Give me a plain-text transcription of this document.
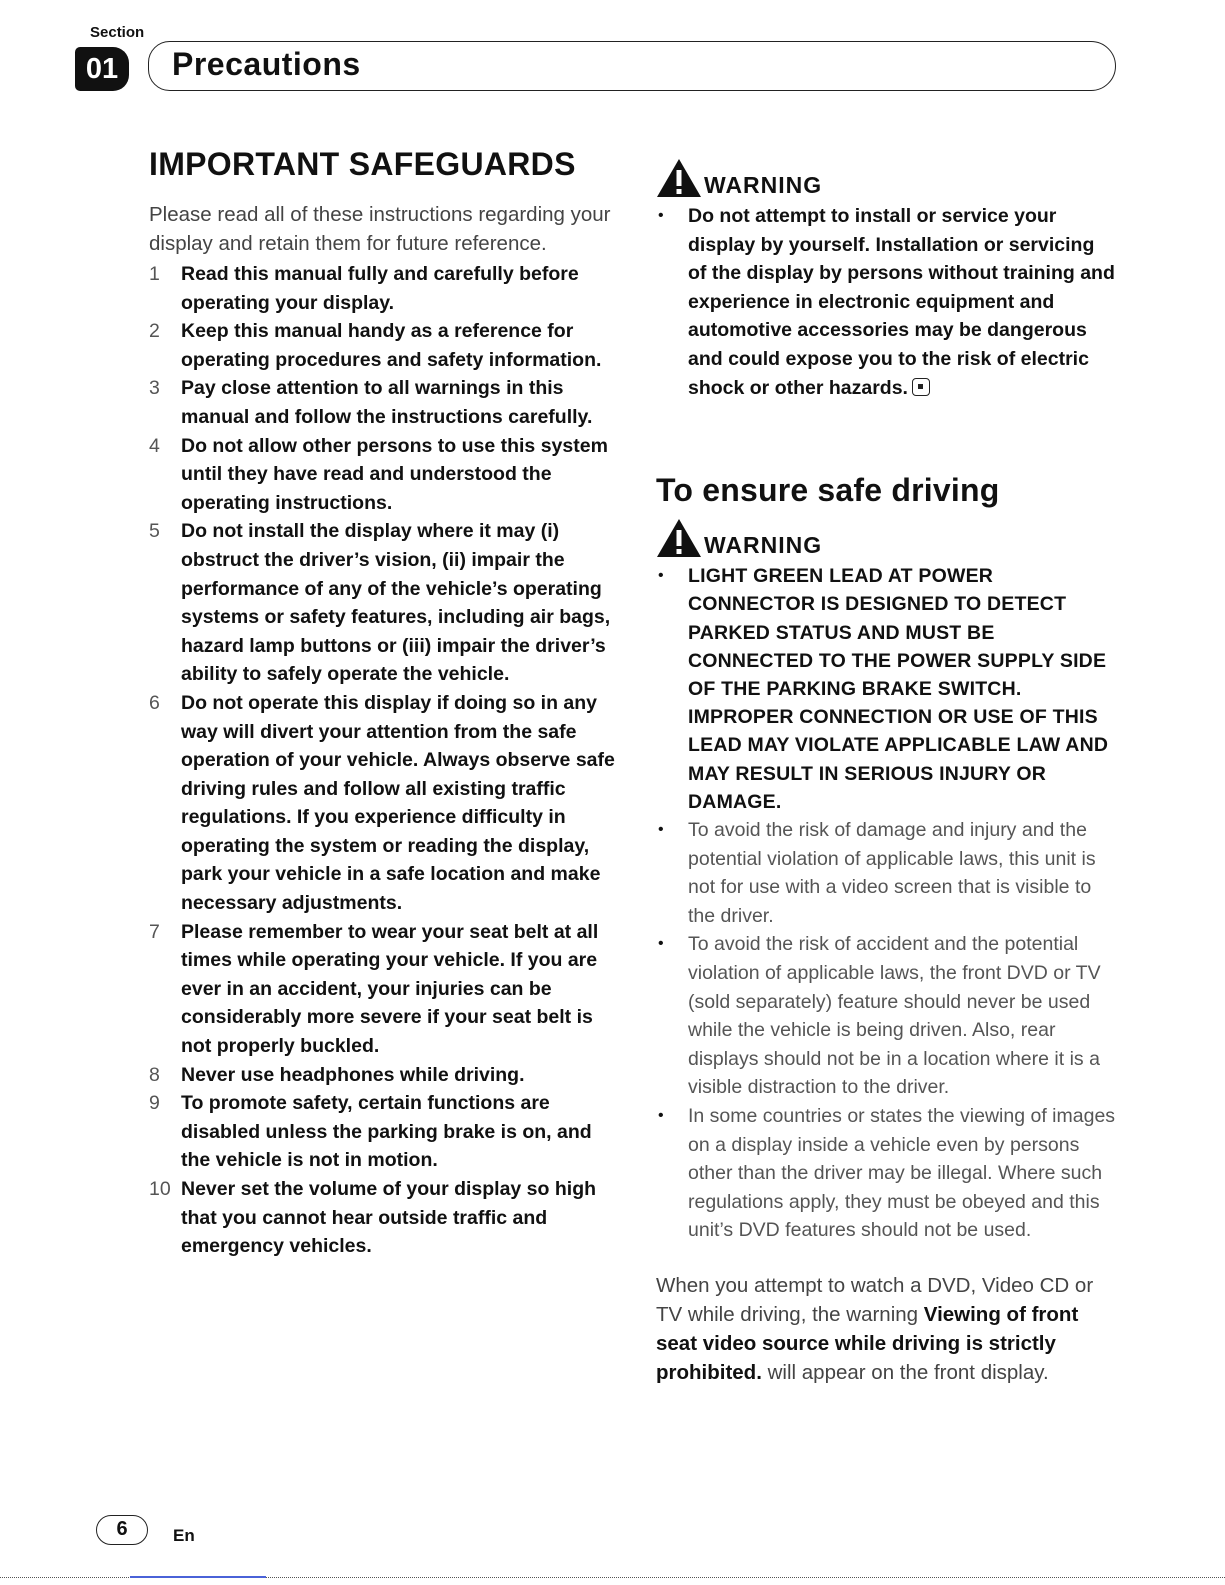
Section
01	Precautions
IMPORTANT SAFEGUARDS

Please read all of these instructions regarding your display and retain them for future reference.

1	Read this manual fully and carefully before operating your display.
2	Keep this manual handy as a reference for operating procedures and safety information.
3	Pay close attention to all warnings in this manual and follow the instructions carefully.
4	Do not allow other persons to use this system until they have read and understood the operating instructions.
5	Do not install the display where it may (i) obstruct the driver’s vision, (ii) impair the performance of any of the vehicle’s operating systems or safety features, including air bags, hazard lamp buttons or (iii) impair the driver’s ability to safely operate the vehicle.
6	Do not operate this display if doing so in any way will divert your attention from the safe operation of your vehicle. Always observe safe driving rules and follow all existing traffic regulations. If you experience difficulty in operating the system or reading the display, park your vehicle in a safe location and make necessary adjustments.
7	Please remember to wear your seat belt at all times while operating your vehicle. If you are ever in an accident, your injuries can be considerably more severe if your seat belt is not properly buckled.
8	Never use headphones while driving.
9	To promote safety, certain functions are disabled unless the parking brake is on, and the vehicle is not in motion.
10 Never set the volume of your display so high that you cannot hear outside traffic and emergency vehicles.
WARNING
•	Do not attempt to install or service your display by yourself. Installation or servicing of the display by persons without training and experience in electronic equipment and automotive accessories may be dangerous and could expose you to the risk of electric shock or other hazards.
To ensure safe driving
WARNING
•	LIGHT GREEN LEAD AT POWER CONNECTOR IS DESIGNED TO DETECT PARKED STATUS AND MUST BE CONNECTED TO THE POWER SUPPLY SIDE OF THE PARKING BRAKE SWITCH. IMPROPER CONNECTION OR USE OF THIS LEAD MAY VIOLATE APPLICABLE LAW AND MAY RESULT IN SERIOUS INJURY OR DAMAGE.
•	To avoid the risk of damage and injury and the potential violation of applicable laws, this unit is not for use with a video screen that is visible to the driver.
•	To avoid the risk of accident and the potential violation of applicable laws, the front DVD or TV (sold separately) feature should never be used while the vehicle is being driven. Also, rear displays should not be in a location where it is a visible distraction to the driver.
•	In some countries or states the viewing of images on a display inside a vehicle even by persons other than the driver may be illegal. Where such regulations apply, they must be obeyed and this unit’s DVD features should not be used.

When you attempt to watch a DVD, Video CD or TV while driving, the warning Viewing of front seat video source while driving is strictly prohibited. will appear on the front display.

6	En
